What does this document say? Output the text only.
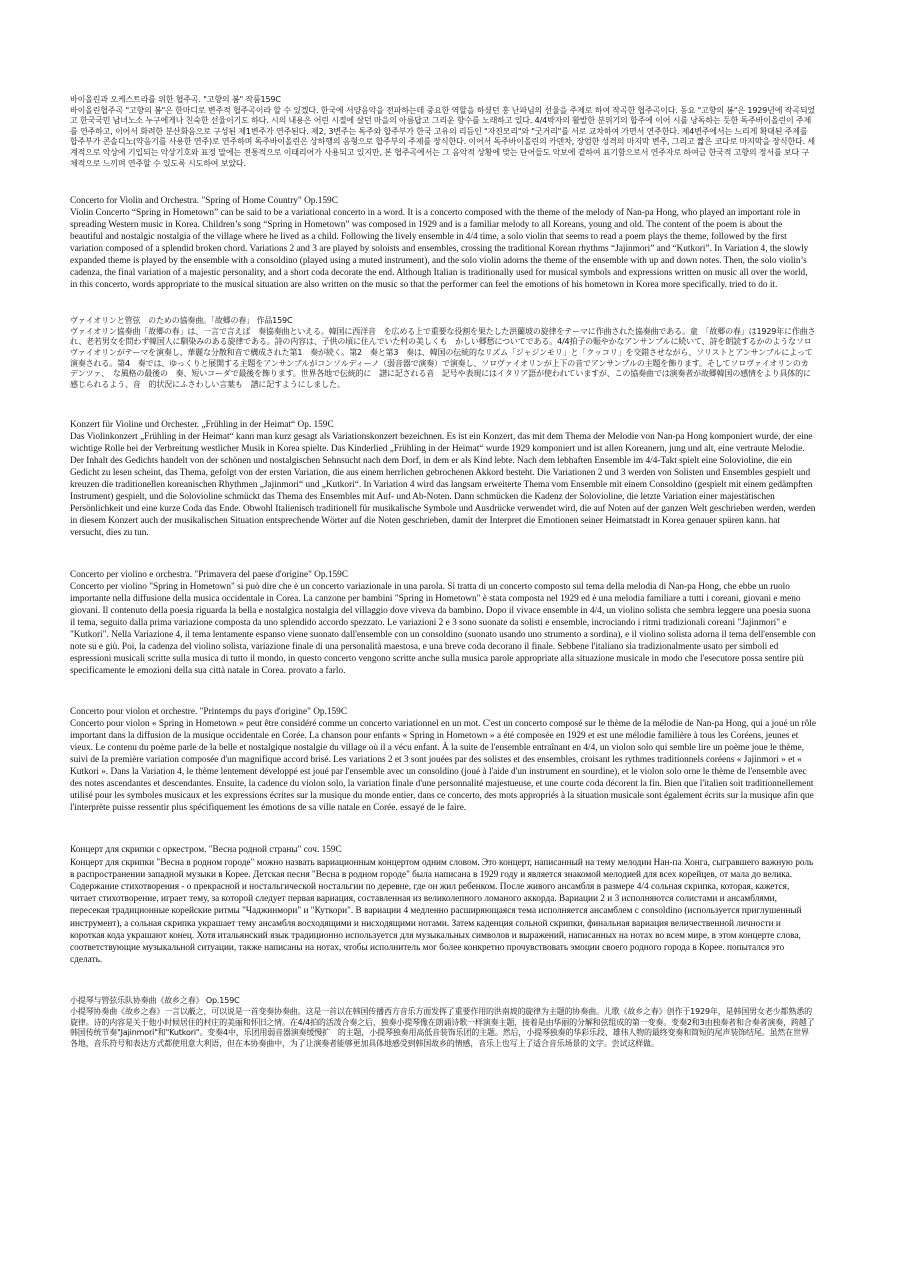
바이올린과 오케스트라를 위한 협주곡. "고향의 봄" 작품159C

바이올린협주곡 "고향의 봄"은 한마디로 변주적 협주곡이라 할 수 있겠다. 한국에 서양음악을 전파하는데 중요한 역할을 하셨던 홍 난파님의 선율을 주제로 하여 작곡한 협주곡이다. 동요 "고향의 봄"은 1929년에 작곡되었고 한국국민 남녀노소 누구에게나 친숙한 선율이기도 하다. 시의 내용은 어린 시절에 살던 마을의 아름답고 그리운 향수를 노래하고 있다. 4/4박자의 활발한 분위기의 합주에 이어 시를 낭독하는 듯한 독주바이올린이 주제를 연주하고, 이어서 화려한 분산화음으로 구성된 제1변주가 연주된다. 제2, 3변주는 독주와 합주부가 한국 고유의 리듬인 "자진모리"와 "굿거리"를 서로 교차하여 가면서 연주한다. 제4변주에서는 느리게 확대된 주제를 합주부가 콘솔디노(약음기를 사용한 연주)로 연주하며 독주바이올린은 상하행의 음형으로 합주부의 주제를 장식한다. 이어서 독주바이올린의 카덴차, 장엄한 성격의 마지막 변주, 그리고 짧은 코다로 마지막을 장식한다. 세계적으로 악상에 기입되는 악상기호와 표정 말에는 전통적으로 이태리어가 사용되고 있지만, 본 협주곡에서는 그 음악적 상황에 맞는 단어들도 악보에 곁하여 표기함으로서 연주자로 하여금 한국적 고향의 정서를 보다 구체적으로 느끼며 연주할 수 있도록 시도하여 보았다.

Concerto for Violin and Orchestra. "Spring of Home Country" Op.159C

Violin Concerto “Spring in Hometown” can be said to be a variational concerto in a word. It is a concerto composed with the theme of the melody of Nan-pa Hong, who played an important role in spreading Western music in Korea. Children’s song “Spring in Hometown” was composed in 1929 and is a familiar melody to all Koreans, young and old. The content of the poem is about the beautiful and nostalgic nostalgia of the village where he lived as a child. Following the lively ensemble in 4/4 time, a solo violin that seems to read a poem plays the theme, followed by the first variation composed of a splendid broken chord. Variations 2 and 3 are played by soloists and ensembles, crossing the traditional Korean rhythms “Jajinmori” and “Kutkori”. In Variation 4, the slowly expanded theme is played by the ensemble with a consoldino (played using a muted instrument), and the solo violin adorns the theme of the ensemble with up and down notes. Then, the solo violin’s cadenza, the final variation of a majestic personality, and a short coda decorate the end. Although Italian is traditionally used for musical symbols and expressions written on music all over the world, in this concerto, words appropriate to the musical situation are also written on the music so that the performer can feel the emotions of his hometown in Korea more specifically. tried to do it.

ヴァイオリンと管弦　のための協奏曲。「故郷の春」 作品159C

ヴァイオリン協奏曲「故郷の春」は、一言で言えば　奏協奏曲といえる。韓国に西洋音　を広める上で重要な役割を果たした洪蘭坡の旋律をテーマに作曲された協奏曲である。童　「故郷の春」は1929年に作曲され、老若男女を問わず韓国人に馴染みのある旋律である。詩の内容は、子供の頃に住んでいた村の美しくも　かしい郷愁についてである。4/4拍子の賑やかなアンサンブルに続いて、詩を朗読するかのようなソロヴァイオリンがテーマを演奏し、華麗な分散和音で構成された第1　奏が続く。第2　奏と第3　奏は、韓国の伝統的なリズム「ジャジンモリ」と「クッコリ」を交錯させながら、ソリストとアンサンブルによって演奏される。第4　奏では、ゆっくりと展開する主題をアンサンブルがコンソルディーノ（弱音器で演奏）で演奏し、ソロヴァイオリンが上下の音でアンサンブルの主題を飾ります。そしてソロヴァイオリンのカデンツァ、　な風格の最後の　奏、短いコーダで最後を飾ります。世界各地で伝統的に　譜に記される音　記号や表現にはイタリア語が使われていますが、この協奏曲では演奏者が故郷韓国の感情をより具体的に感じられるよう、音　的状況にふさわしい言葉も　譜に記すようにしました。

Konzert für Violine und Orchester. „Frühling in der Heimat“ Op. 159C

Das Violinkonzert „Frühling in der Heimat“ kann man kurz gesagt als Variationskonzert bezeichnen. Es ist ein Konzert, das mit dem Thema der Melodie von Nan-pa Hong komponiert wurde, der eine wichtige Rolle bei der Verbreitung westlicher Musik in Korea spielte. Das Kinderlied „Frühling in der Heimat“ wurde 1929 komponiert und ist allen Koreanern, jung und alt, eine vertraute Melodie. Der Inhalt des Gedichts handelt von der schönen und nostalgischen Sehnsucht nach dem Dorf, in dem er als Kind lebte. Nach dem lebhaften Ensemble im 4/4-Takt spielt eine Solovioline, die ein Gedicht zu lesen scheint, das Thema, gefolgt von der ersten Variation, die aus einem herrlichen gebrochenen Akkord besteht. Die Variationen 2 und 3 werden von Solisten und Ensembles gespielt und kreuzen die traditionellen koreanischen Rhythmen „Jajinmori“ und „Kutkori“. In Variation 4 wird das langsam erweiterte Thema vom Ensemble mit einem Consoldino (gespielt mit einem gedämpften Instrument) gespielt, und die Solovioline schmückt das Thema des Ensembles mit Auf- und Ab-Noten. Dann schmücken die Kadenz der Solovioline, die letzte Variation einer majestätischen Persönlichkeit und eine kurze Coda das Ende. Obwohl Italienisch traditionell für musikalische Symbole und Ausdrücke verwendet wird, die auf Noten auf der ganzen Welt geschrieben werden, werden in diesem Konzert auch der musikalischen Situation entsprechende Wörter auf die Noten geschrieben, damit der Interpret die Emotionen seiner Heimatstadt in Korea genauer spüren kann. hat versucht, dies zu tun.

Concerto per violino e orchestra. "Primavera del paese d'origine" Op.159C

Concerto per violino "Spring in Hometown" si può dire che è un concerto variazionale in una parola. Si tratta di un concerto composto sul tema della melodia di Nan-pa Hong, che ebbe un ruolo importante nella diffusione della musica occidentale in Corea. La canzone per bambini "Spring in Hometown" è stata composta nel 1929 ed è una melodia familiare a tutti i coreani, giovani e meno giovani. Il contenuto della poesia riguarda la bella e nostalgica nostalgia del villaggio dove viveva da bambino. Dopo il vivace ensemble in 4/4, un violino solista che sembra leggere una poesia suona il tema, seguito dalla prima variazione composta da uno splendido accordo spezzato. Le variazioni 2 e 3 sono suonate da solisti e ensemble, incrociando i ritmi tradizionali coreani "Jajinmori" e "Kutkori". Nella Variazione 4, il tema lentamente espanso viene suonato dall'ensemble con un consoldino (suonato usando uno strumento a sordina), e il violino solista adorna il tema dell'ensemble con note su e giù. Poi, la cadenza del violino solista, variazione finale di una personalità maestosa, e una breve coda decorano il finale. Sebbene l'italiano sia tradizionalmente usato per simboli ed espressioni musicali scritte sulla musica di tutto il mondo, in questo concerto vengono scritte anche sulla musica parole appropriate alla situazione musicale in modo che l'esecutore possa sentire più specificamente le emozioni della sua città natale in Corea. provato a farlo.

Concerto pour violon et orchestre. "Printemps du pays d'origine" Op.159C

Concerto pour violon « Spring in Hometown » peut être considéré comme un concerto variationnel en un mot. C'est un concerto composé sur le thème de la mélodie de Nan-pa Hong, qui a joué un rôle important dans la diffusion de la musique occidentale en Corée. La chanson pour enfants « Spring in Hometown » a été composée en 1929 et est une mélodie familière à tous les Coréens, jeunes et vieux. Le contenu du poème parle de la belle et nostalgique nostalgie du village où il a vécu enfant. À la suite de l'ensemble entraînant en 4/4, un violon solo qui semble lire un poème joue le thème, suivi de la première variation composée d'un magnifique accord brisé. Les variations 2 et 3 sont jouées par des solistes et des ensembles, croisant les rythmes traditionnels coréens « Jajinmori » et « Kutkori ». Dans la Variation 4, le thème lentement développé est joué par l'ensemble avec un consoldino (joué à l'aide d'un instrument en sourdine), et le violon solo orne le thème de l'ensemble avec des notes ascendantes et descendantes. Ensuite, la cadence du violon solo, la variation finale d'une personnalité majestueuse, et une courte coda décorent la fin. Bien que l'italien soit traditionnellement utilisé pour les symboles musicaux et les expressions écrites sur la musique du monde entier, dans ce concerto, des mots appropriés à la situation musicale sont également écrits sur la musique afin que l'interprète puisse ressentir plus spécifiquement les émotions de sa ville natale en Corée. essayé de le faire.

Концерт для скрипки с оркестром. "Весна родной страны" соч. 159C

Концерт для скрипки "Весна в родном городе" можно назвать вариационным концертом одним словом. Это концерт, написанный на тему мелодии Нан-па Хонга, сыгравшего важную роль в распространении западной музыки в Корее. Детская песня "Весна в родном городе" была написана в 1929 году и является знакомой мелодией для всех корейцев, от мала до велика. Содержание стихотворения - о прекрасной и ностальгической ностальгии по деревне, где он жил ребенком. После живого ансамбля в размере 4/4 сольная скрипка, которая, кажется, читает стихотворение, играет тему, за которой следует первая вариация, составленная из великолепного ломаного аккорда. Вариации 2 и 3 исполняются солистами и ансамблями, пересекая традиционные корейские ритмы "Чаджинмори" и "Куткори". В вариации 4 медленно расширяющаяся тема исполняется ансамблем с consoldino (используется приглушенный инструмент), а сольная скрипка украшает тему ансамбля восходящими и нисходящими нотами. Затем каденция сольной скрипки, финальная вариация величественной личности и короткая кода украшают конец. Хотя итальянский язык традиционно используется для музыкальных символов и выражений, написанных на нотах во всем мире, в этом концерте слова, соответствующие музыкальной ситуации, также написаны на нотах, чтобы исполнитель мог более конкретно прочувствовать эмоции своего родного города в Корее. попытался это сделать.

小提琴与管弦乐队协奏曲《故乡之春》 Op.159C

小提琴协奏曲《故乡之春》一言以蔽之，可以说是一首变奏协奏曲。这是一首以在韩国传播西方音乐方面发挥了重要作用的洪南坡的旋律为主题的协奏曲。儿歌《故乡之春》创作于1929年，是韩国男女老少都熟悉的旋律。诗的内容是关于他小时候居住的村庄的美丽和怀旧之情。在4/4拍的活泼合奏之后，独奏小提琴像在朗诵诗歌一样演奏主题，接着是由华丽的分解和弦组成的第一变奏。变奏2和3由独奏者和合奏者演奏，跨越了韩国传统节奏"Jajinmori"和"Kutkori"。变奏4中，乐团用弱音器演奏缓慢扩　的主题，小提琴独奏用高低音装饰乐团的主题。然后，小提琴独奏的华彩乐段、雄伟人物的最终变奏和简短的尾声装饰结尾。虽然在世界各地，音乐符号和表达方式都使用意大利语，但在本协奏曲中，为了让演奏者能够更加具体地感受到韩国故乡的情感，音乐上也写上了适合音乐场景的文字。尝试这样做。
